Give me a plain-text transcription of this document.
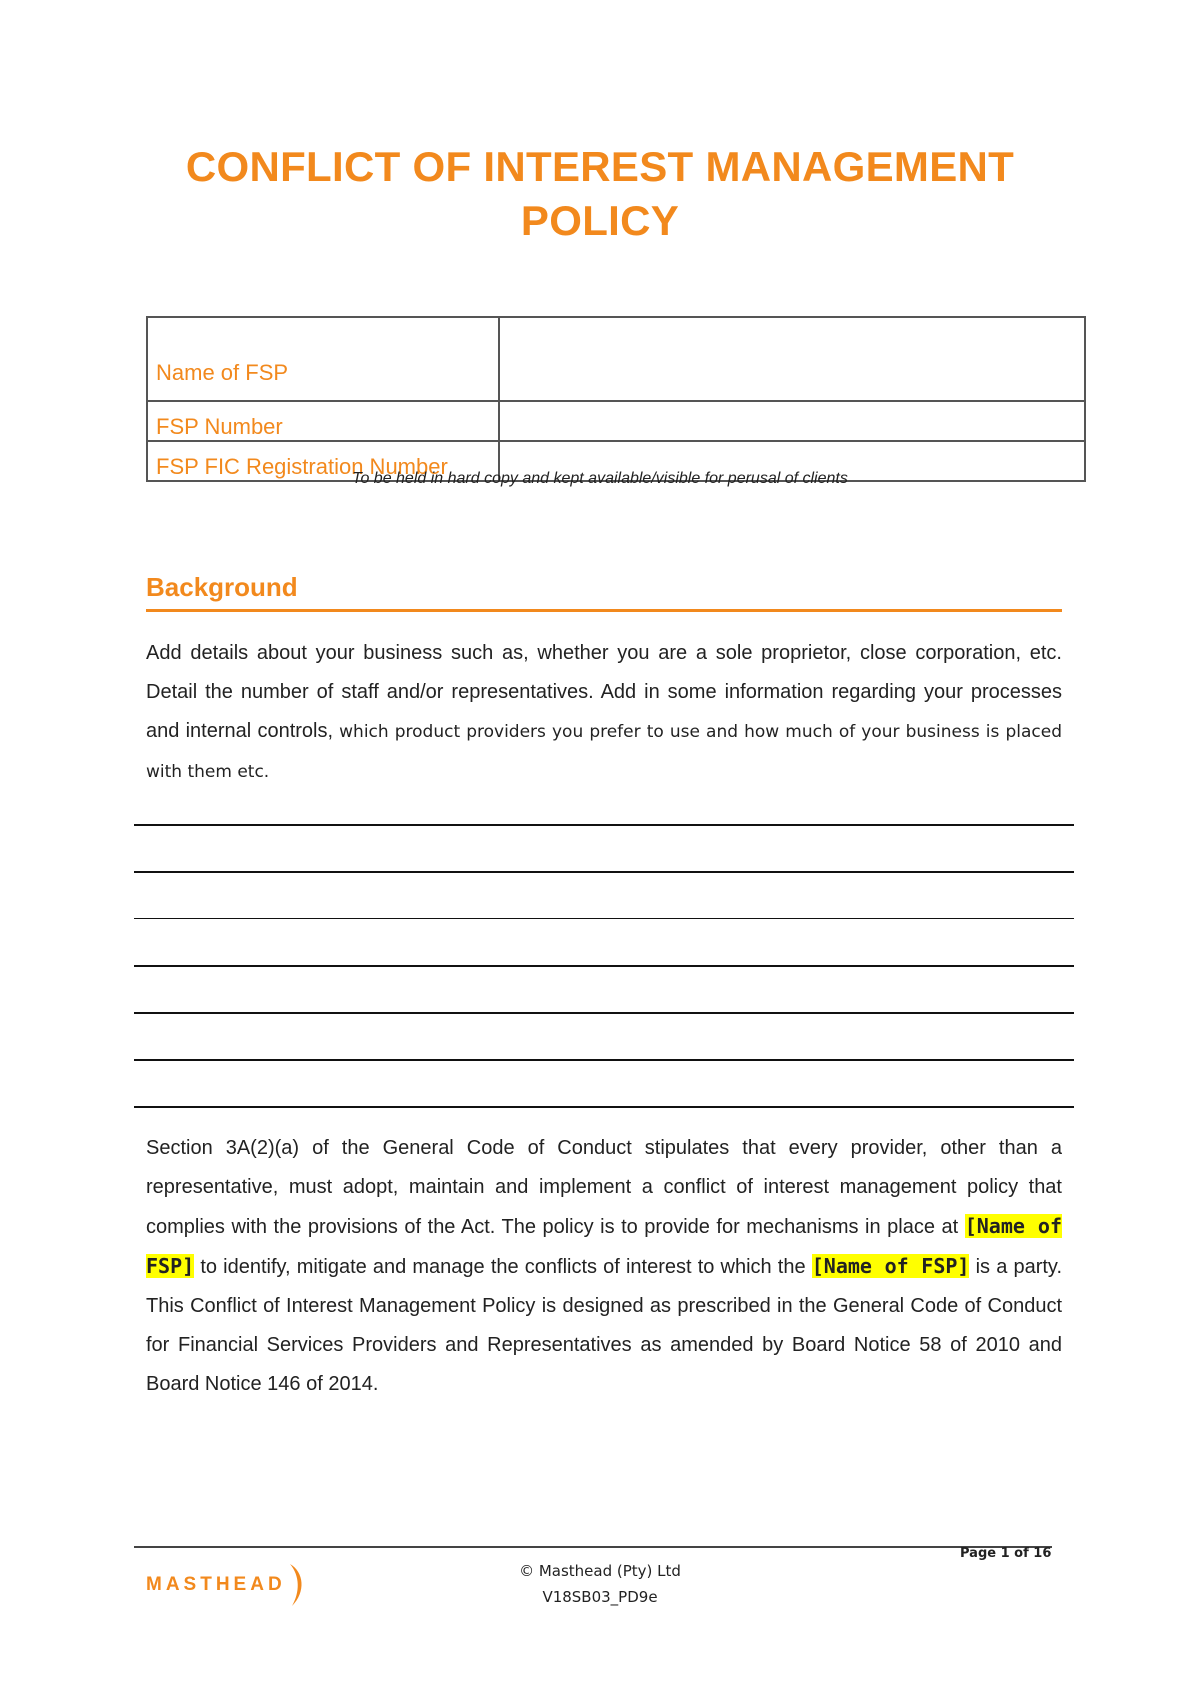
CONFLICT OF INTEREST MANAGEMENT
POLICY
Name of FSP	
FSP Number	
FSP FIC Registration Number	
To be held in hard copy and kept available/visible for perusal of clients
Background
Add details about your business such as, whether you are a sole proprietor, close corporation, etc. Detail the number of staff and/or representatives. Add in some information regarding your processes and internal controls, which product providers you prefer to use and how much of your business is placed with them etc.
Section 3A(2)(a) of the General Code of Conduct stipulates that every provider, other than a representative, must adopt, maintain and implement a conflict of interest management policy that complies with the provisions of the Act. The policy is to provide for mechanisms in place at [Name of FSP] to identify, mitigate and manage the conflicts of interest to which the [Name of FSP] is a party. This Conflict of Interest Management Policy is designed as prescribed in the General Code of Conduct for Financial Services Providers and Representatives as amended by Board Notice 58 of 2010 and Board Notice 146 of 2014.
MASTHEAD
© Masthead (Pty) Ltd
V18SB03_PD9e
Page 1 of 16
